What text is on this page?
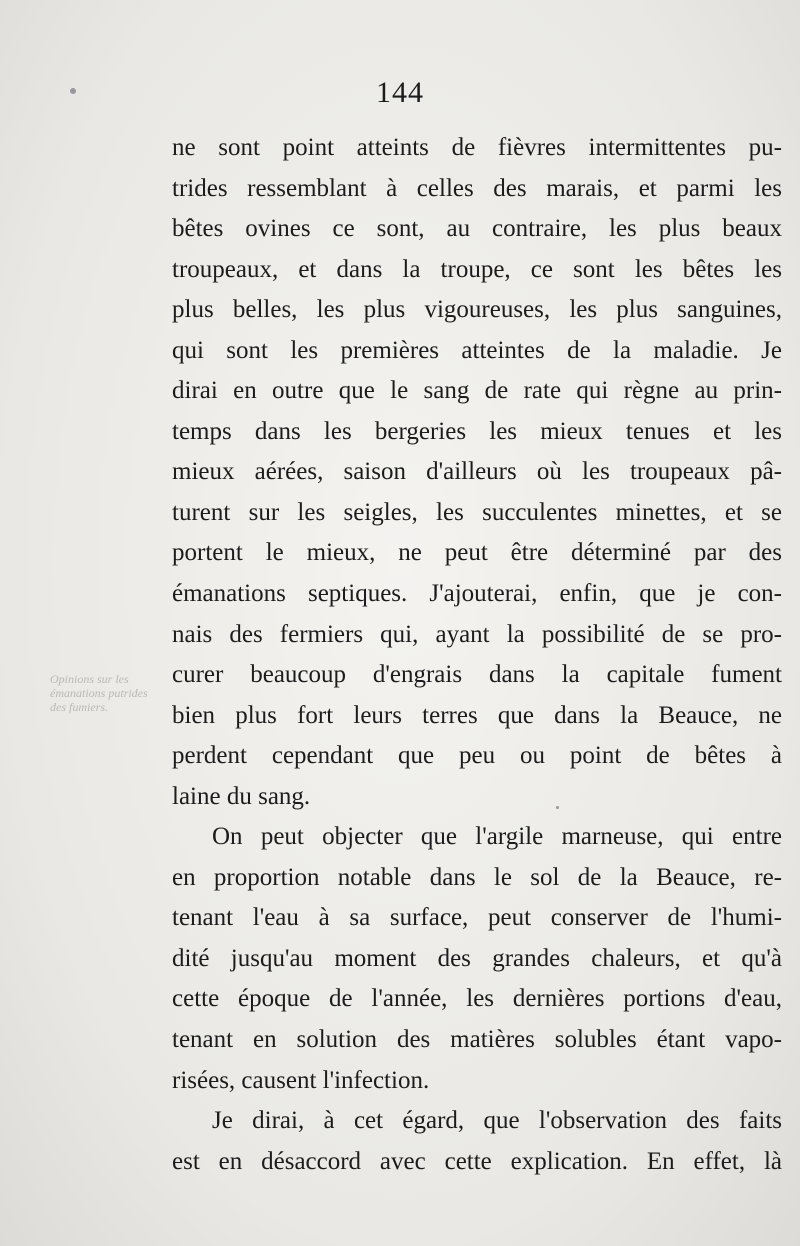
144
Opinions sur les émanations putrides des fumiers.
ne sont point atteints de fièvres intermittentes pu-
trides ressemblant à celles des marais, et parmi les
bêtes ovines ce sont, au contraire, les plus beaux
troupeaux, et dans la troupe, ce sont les bêtes les
plus belles, les plus vigoureuses, les plus sanguines,
qui sont les premières atteintes de la maladie. Je
dirai en outre que le sang de rate qui règne au prin-
temps dans les bergeries les mieux tenues et les
mieux aérées, saison d'ailleurs où les troupeaux pâ-
turent sur les seigles, les succulentes minettes, et se
portent le mieux, ne peut être déterminé par des
émanations septiques. J'ajouterai, enfin, que je con-
nais des fermiers qui, ayant la possibilité de se pro-
curer beaucoup d'engrais dans la capitale fument
bien plus fort leurs terres que dans la Beauce, ne
perdent cependant que peu ou point de bêtes à
laine du sang.
On peut objecter que l'argile marneuse, qui entre
en proportion notable dans le sol de la Beauce, re-
tenant l'eau à sa surface, peut conserver de l'humi-
dité jusqu'au moment des grandes chaleurs, et qu'à
cette époque de l'année, les dernières portions d'eau,
tenant en solution des matières solubles étant vapo-
risées, causent l'infection.
Je dirai, à cet égard, que l'observation des faits
est en désaccord avec cette explication. En effet, là
